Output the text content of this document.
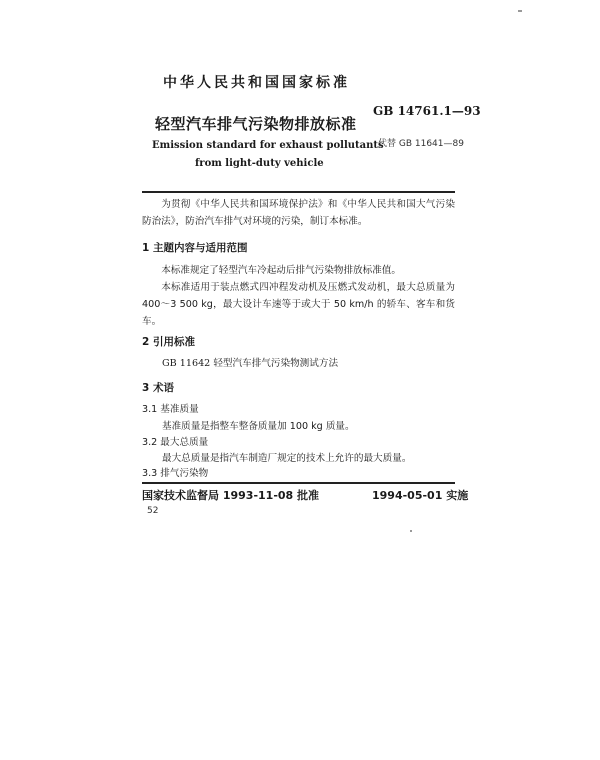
中华人民共和国国家标准
GB 14761.1—93
轻型汽车排气污染物排放标准
代替 GB 11641—89
Emission standard for exhaust pollutants
from light-duty vehicle
为贯彻《中华人民共和国环境保护法》和《中华人民共和国大气污染防治法》，防治汽车排气对环境的污染，制订本标准。
1 主题内容与适用范围
本标准规定了轻型汽车冷起动后排气污染物排放标准值。
本标准适用于装点燃式四冲程发动机及压燃式发动机，最大总质量为 400～3 500 kg，最大设计车速等于或大于 50 km/h 的轿车、客车和货车。
2 引用标准
GB 11642 轻型汽车排气污染物测试方法
3 术语
3.1 基准质量
基准质量是指整车整备质量加 100 kg 质量。
3.2 最大总质量
最大总质量是指汽车制造厂规定的技术上允许的最大质量。
3.3 排气污染物
国家技术监督局 1993-11-08 批准	1994-05-01 实施
52
